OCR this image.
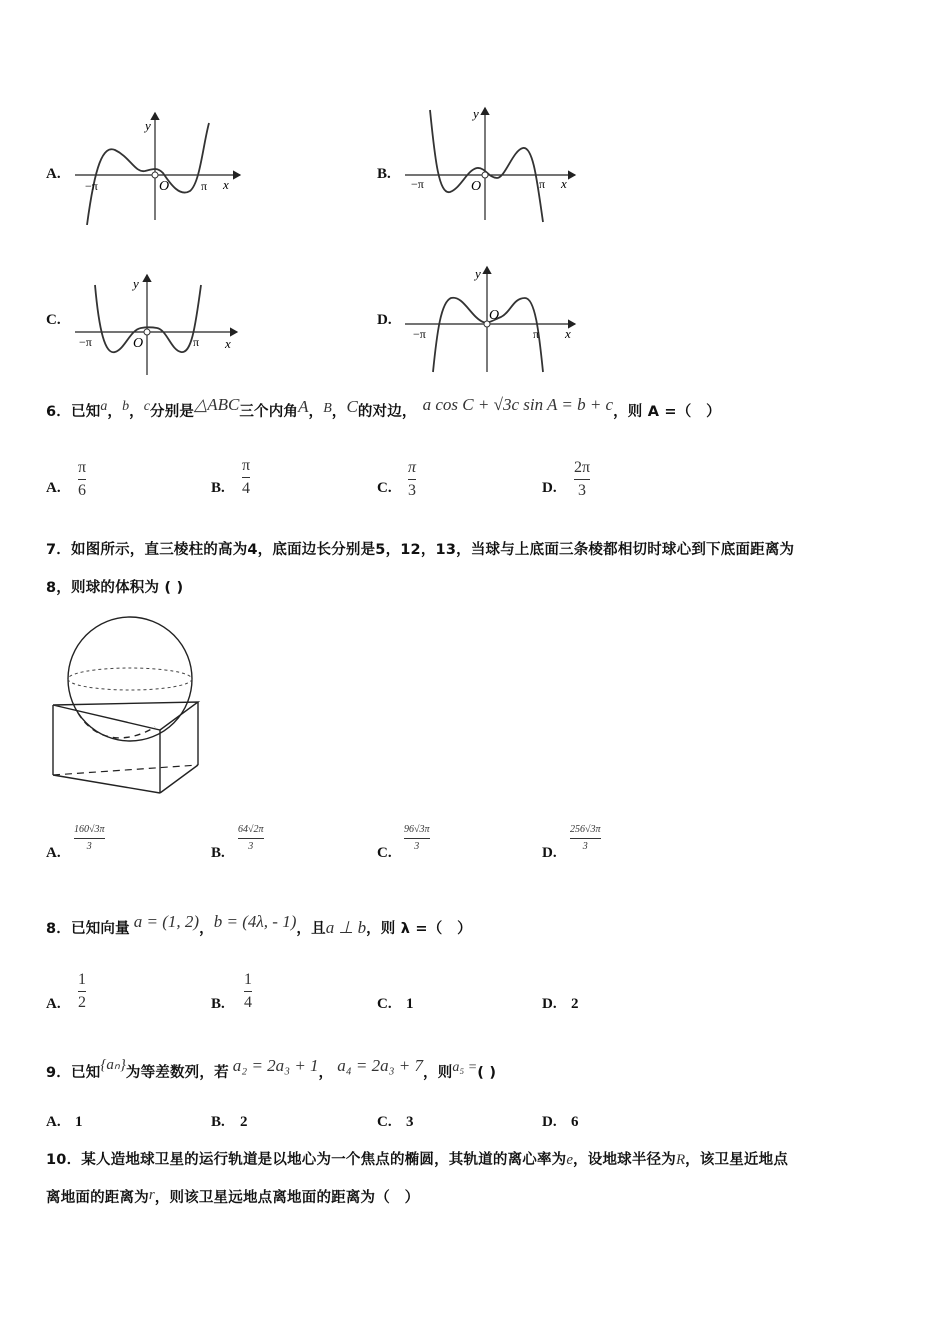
A.
y
x
O
−π	π
B.
y
x
O
−π	π
C.
y
x
O
−π	π
D.
y
x
O
−π	π
6．已知a，b，c分别是△ABC三个内角A，B，C的对边， a cos C + √3c sin A = b + c，则 A =（　）
A.
π
6	B.
π
4	C.
π
3	D.
2π
3
7．如图所示，直三棱柱的高为4，底面边长分别是5，12，13，当球与上底面三条棱都相切时球心到下底面距离为
8，则球的体积为 ( )
A.
160√3π
3	B.
64√2π
3	C.
96√3π
3	D.
256√3π
3
8．已知向量 a = (1, 2)，b = (4λ, - 1)，且a ⊥ b，则 λ =（　）
A.
1
2	B.
1
4	C. 1	D. 2
9．已知{aₙ}为等差数列，若 a₂ = 2a₃ + 1， a₄ = 2a₃ + 7，则a₅ =( )
A. 1	B. 2	C. 3	D. 6
10．某人造地球卫星的运行轨道是以地心为一个焦点的椭圆，其轨道的离心率为e，设地球半径为R，该卫星近地点
离地面的距离为r，则该卫星远地点离地面的距离为（　）
